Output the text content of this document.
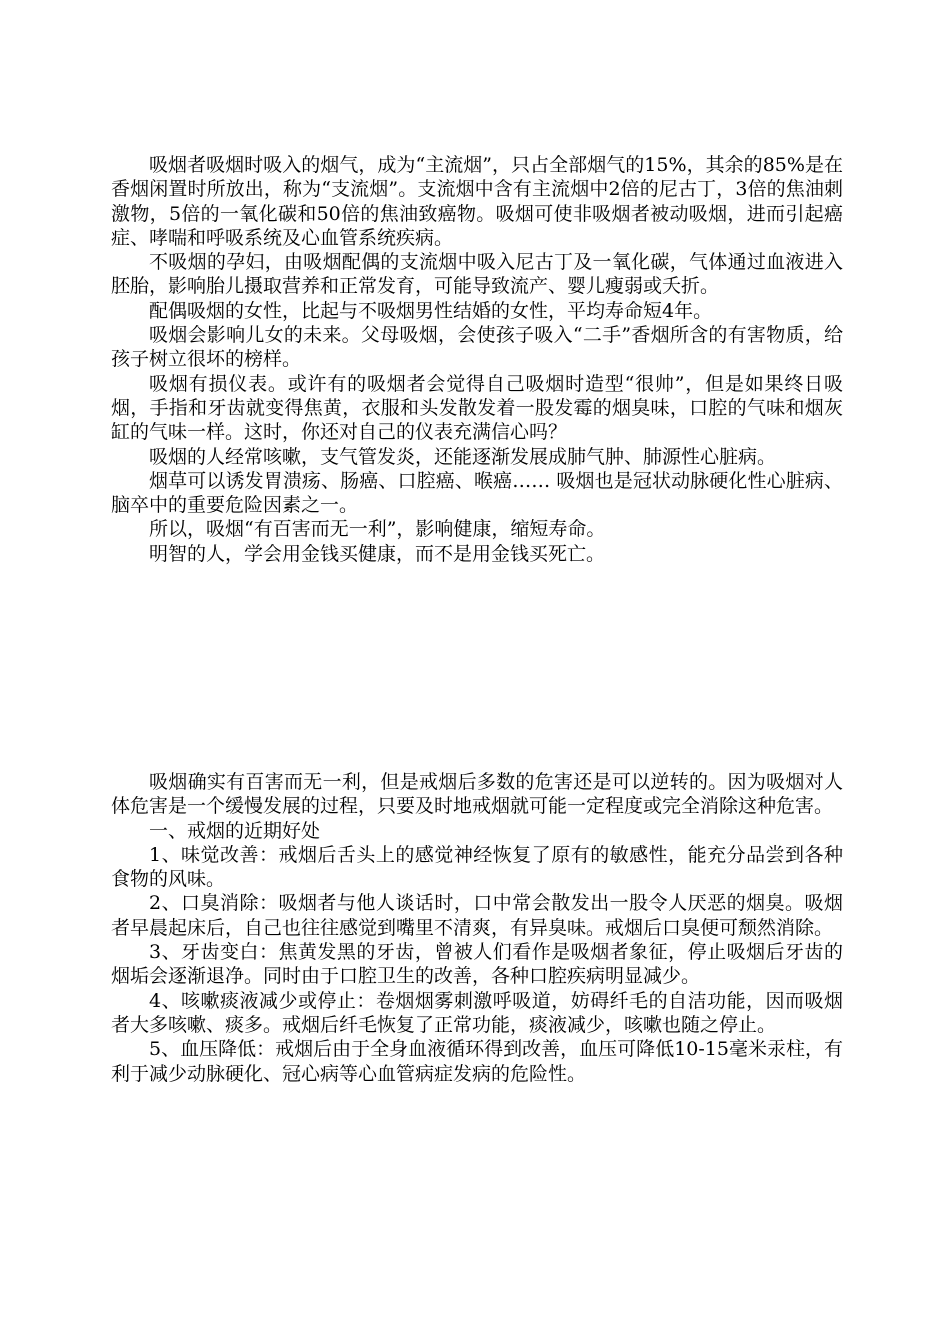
吸烟者吸烟时吸入的烟气，成为“主流烟”，只占全部烟气的15%，其余的85%是在香烟闲置时所放出，称为“支流烟”。支流烟中含有主流烟中2倍的尼古丁，3倍的焦油刺激物，5倍的一氧化碳和50倍的焦油致癌物。吸烟可使非吸烟者被动吸烟，进而引起癌症、哮喘和呼吸系统及心血管系统疾病。

不吸烟的孕妇，由吸烟配偶的支流烟中吸入尼古丁及一氧化碳，气体通过血液进入胚胎，影响胎儿摄取营养和正常发育，可能导致流产、婴儿瘦弱或夭折。

配偶吸烟的女性，比起与不吸烟男性结婚的女性，平均寿命短4年。

吸烟会影响儿女的未来。父母吸烟，会使孩子吸入“二手”香烟所含的有害物质，给孩子树立很坏的榜样。

吸烟有损仪表。或许有的吸烟者会觉得自己吸烟时造型“很帅”，但是如果终日吸烟，手指和牙齿就变得焦黄，衣服和头发散发着一股发霉的烟臭味，口腔的气味和烟灰缸的气味一样。这时，你还对自己的仪表充满信心吗？

吸烟的人经常咳嗽，支气管发炎，还能逐渐发展成肺气肿、肺源性心脏病。

烟草可以诱发胃溃疡、肠癌、口腔癌、喉癌…… 吸烟也是冠状动脉硬化性心脏病、脑卒中的重要危险因素之一。

所以，吸烟“有百害而无一利”，影响健康，缩短寿命。

明智的人，学会用金钱买健康，而不是用金钱买死亡。

吸烟确实有百害而无一利，但是戒烟后多数的危害还是可以逆转的。因为吸烟对人体危害是一个缓慢发展的过程，只要及时地戒烟就可能一定程度或完全消除这种危害。

一、戒烟的近期好处

1、味觉改善：戒烟后舌头上的感觉神经恢复了原有的敏感性，能充分品尝到各种食物的风味。

2、口臭消除：吸烟者与他人谈话时，口中常会散发出一股令人厌恶的烟臭。吸烟者早晨起床后，自己也往往感觉到嘴里不清爽，有异臭味。戒烟后口臭便可颓然消除。

3、牙齿变白：焦黄发黑的牙齿，曾被人们看作是吸烟者象征，停止吸烟后牙齿的烟垢会逐渐退净。同时由于口腔卫生的改善，各种口腔疾病明显减少。

4、咳嗽痰液减少或停止：卷烟烟雾刺激呼吸道，妨碍纤毛的自洁功能，因而吸烟者大多咳嗽、痰多。戒烟后纤毛恢复了正常功能，痰液减少，咳嗽也随之停止。

5、血压降低：戒烟后由于全身血液循环得到改善，血压可降低10-15毫米汞柱，有利于减少动脉硬化、冠心病等心血管病症发病的危险性。
